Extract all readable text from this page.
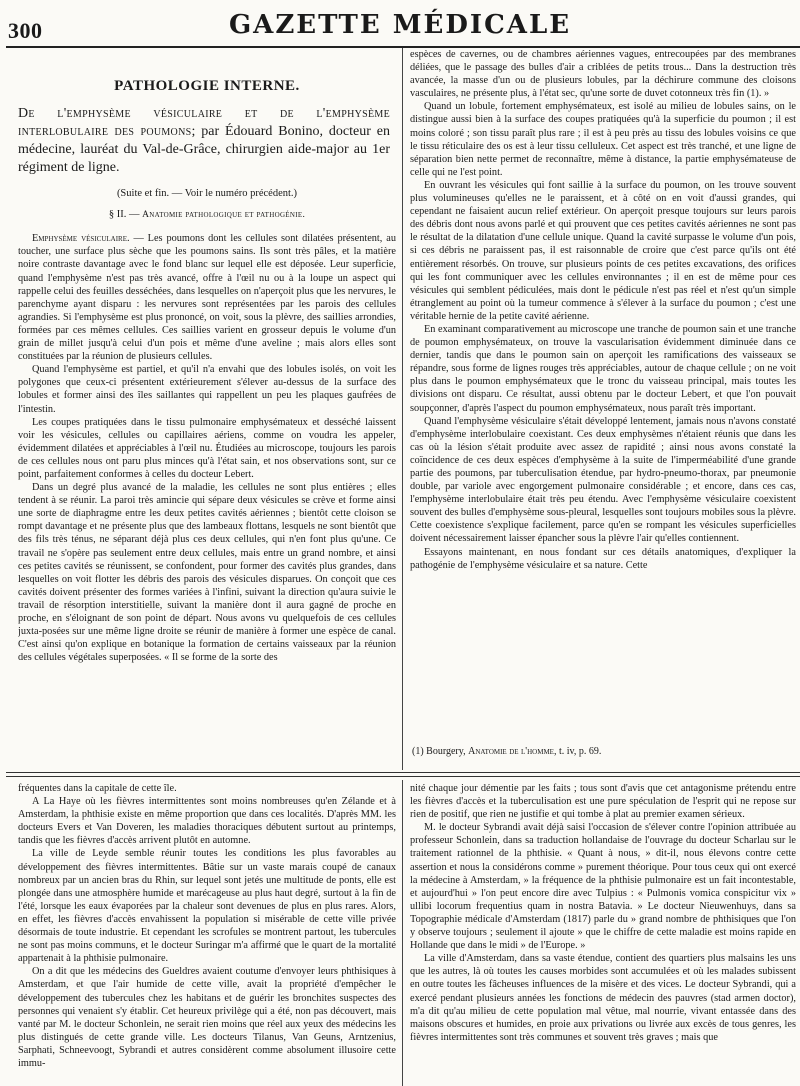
300	GAZETTE MÉDICALE
PATHOLOGIE INTERNE.
De l'emphysème vésiculaire et de l'emphysème interlobulaire des poumons; par Édouard Bonino, docteur en médecine, lauréat du Val-de-Grâce, chirurgien aide-major au 1er régiment de ligne.
(Suite et fin. — Voir le numéro précédent.)
§ II. — Anatomie pathologique et pathogénie.

Emphysème vésiculaire. — Les poumons dont les cellules sont dilatées présentent, au toucher, une surface plus sèche que les poumons sains. Ils sont très pâles, et la matière noire contraste davantage avec le fond blanc sur lequel elle est déposée. Leur superficie, quand l'emphysème n'est pas très avancé, offre à l'œil nu ou à la loupe un aspect qui rappelle celui des feuilles desséchées, dans lesquelles on n'aperçoit plus que les nervures, le parenchyme ayant disparu : les nervures sont représentées par les parois des cellules agrandies. Si l'emphysème est plus prononcé, on voit, sous la plèvre, des saillies arrondies, formées par ces mêmes cellules. Ces saillies varient en grosseur depuis le volume d'un grain de millet jusqu'à celui d'un pois et même d'une aveline ; mais alors elles sont constituées par la réunion de plusieurs cellules.

Quand l'emphysème est partiel, et qu'il n'a envahi que des lobules isolés, on voit les polygones que ceux-ci présentent extérieurement s'élever au-dessus de la surface des lobules et former ainsi des îles saillantes qui rappellent un peu les plaques gaufrées de l'intestin.

Les coupes pratiquées dans le tissu pulmonaire emphysémateux et desséché laissent voir les vésicules, cellules ou capillaires aériens, comme on voudra les appeler, évidemment dilatées et appréciables à l'œil nu. Étudiées au microscope, toujours les parois de ces cellules nous ont paru plus minces qu'à l'état sain, et nos observations sont, sur ce point, parfaitement conformes à celles du docteur Lebert.

Dans un degré plus avancé de la maladie, les cellules ne sont plus entières ; elles tendent à se réunir. La paroi très amincie qui sépare deux vésicules se crève et forme ainsi une sorte de diaphragme entre les deux petites cavités aériennes ; bientôt cette cloison se rompt davantage et ne présente plus que des lambeaux flottans, lesquels ne sont bientôt que des fils très ténus, ne séparant déjà plus ces deux cellules, qui n'en font plus qu'une. Ce travail ne s'opère pas seulement entre deux cellules, mais entre un grand nombre, et ainsi ces petites cavités se réunissent, se confondent, pour former des cavités plus grandes, dans lesquelles on voit flotter les débris des parois des vésicules disparues. On conçoit que ces cavités doivent présenter des formes variées à l'infini, suivant la direction qu'aura suivie le travail de résorption interstitielle, suivant la manière dont il aura gagné de proche en proche, en s'éloignant de son point de départ. Nous avons vu quelquefois de ces cellules juxta-posées sur une même ligne droite se réunir de manière à former une espèce de canal. C'est ainsi qu'on explique en botanique la formation de certains vaisseaux par la réunion des cellules végétales superposées. « Il se forme de la sorte des

espèces de cavernes, ou de chambres aériennes vagues, entrecoupées par des membranes déliées, que le passage des bulles d'air a criblées de petits trous... Dans la destruction très avancée, la masse d'un ou de plusieurs lobules, par la déchirure commune des cloisons vasculaires, ne présente plus, à l'état sec, qu'une sorte de duvet cotonneux très fin (1). »

Quand un lobule, fortement emphysémateux, est isolé au milieu de lobules sains, on le distingue aussi bien à la surface des coupes pratiquées qu'à la superficie du poumon ; il est moins coloré ; son tissu paraît plus rare ; il est à peu près au tissu des lobules voisins ce que le tissu réticulaire des os est à leur tissu celluleux. Cet aspect est très tranché, et une ligne de séparation bien nette permet de reconnaître, même à distance, la partie emphysémateuse de celle qui ne l'est point.

En ouvrant les vésicules qui font saillie à la surface du poumon, on les trouve souvent plus volumineuses qu'elles ne le paraissent, et à côté on en voit d'aussi grandes, qui cependant ne faisaient aucun relief extérieur. On aperçoit presque toujours sur leurs parois des débris dont nous avons parlé et qui prouvent que ces petites cavités aériennes ne sont pas le résultat de la dilatation d'une cellule unique. Quand la cavité surpasse le volume d'un pois, si ces débris ne paraissent pas, il est raisonnable de croire que c'est parce qu'ils ont été entièrement résorbés. On trouve, sur plusieurs points de ces petites excavations, des orifices qui les font communiquer avec les cellules environnantes ; il en est de même pour ces vésicules qui semblent pédiculées, mais dont le pédicule n'est pas réel et n'est qu'un simple étranglement au point où la tumeur commence à s'élever à la surface du poumon ; c'est une véritable hernie de la petite cavité aérienne.

En examinant comparativement au microscope une tranche de poumon sain et une tranche de poumon emphysémateux, on trouve la vascularisation évidemment diminuée dans ce dernier, tandis que dans le poumon sain on aperçoit les ramifications des vaisseaux se répandre, sous forme de lignes rouges très appréciables, autour de chaque cellule ; on ne voit plus dans le poumon emphysémateux que le tronc du vaisseau principal, mais toutes les divisions ont disparu. Ce résultat, aussi obtenu par le docteur Lebert, et que l'on pouvait soupçonner, d'après l'aspect du poumon emphysémateux, nous paraît très important.

Quand l'emphysème vésiculaire s'était développé lentement, jamais nous n'avons constaté d'emphysème interlobulaire coexistant. Ces deux emphysèmes n'étaient réunis que dans les cas où la lésion s'était produite avec assez de rapidité ; ainsi nous avons constaté la coïncidence de ces deux espèces d'emphysème à la suite de l'imperméabilité d'une grande partie des poumons, par tuberculisation étendue, par hydro-pneumo-thorax, par pneumonie double, par variole avec engorgement pulmonaire considérable ; et encore, dans ces cas, l'emphysème interlobulaire était très peu étendu. Avec l'emphysème vésiculaire coexistent souvent des bulles d'emphysème sous-pleural, lesquelles sont toujours mobiles sous la plèvre. Cette coexistence s'explique facilement, parce qu'en se rompant les vésicules superficielles doivent nécessairement laisser épancher sous la plèvre l'air qu'elles contiennent.

Essayons maintenant, en nous fondant sur ces détails anatomiques, d'expliquer la pathogénie de l'emphysème vésiculaire et sa nature. Cette

(1) Bourgery, Anatomie de l'homme, t. iv, p. 69.

fréquentes dans la capitale de cette île.

A La Haye où les fièvres intermittentes sont moins nombreuses qu'en Zélande et à Amsterdam, la phthisie existe en même proportion que dans ces localités. D'après MM. les docteurs Evers et Van Doveren, les maladies thoraciques débutent surtout au printemps, tandis que les fièvres d'accès arrivent plutôt en automne.

La ville de Leyde semble réunir toutes les conditions les plus favorables au développement des fièvres intermittentes. Bâtie sur un vaste marais coupé de canaux nombreux par un ancien bras du Rhin, sur lequel sont jetés une multitude de ponts, elle est plongée dans une atmosphère humide et marécageuse au plus haut degré, surtout à la fin de l'été, lorsque les eaux évaporées par la chaleur sont devenues de plus en plus rares. Alors, en effet, les fièvres d'accès envahissent la population si misérable de cette ville privée désormais de toute industrie. Et cependant les scrofules se montrent partout, les tubercules ne sont pas moins communs, et le docteur Suringar m'a affirmé que le quart de la mortalité appartenait à la phthisie pulmonaire.

On a dit que les médecins des Gueldres avaient coutume d'envoyer leurs phthisiques à Amsterdam, et que l'air humide de cette ville, avait la propriété d'empêcher le développement des tubercules chez les habitans et de guérir les bronchites suspectes des personnes qui venaient s'y établir. Cet heureux privilège qui a été, non pas découvert, mais vanté par M. le docteur Schonlein, ne serait rien moins que réel aux yeux des médecins les plus distingués de cette grande ville. Les docteurs Tilanus, Van Geuns, Arntzenius, Sarphati, Schneevoogt, Sybrandi et autres considèrent comme absolument illusoire cette immu-

nité chaque jour démentie par les faits ; tous sont d'avis que cet antagonisme prétendu entre les fièvres d'accès et la tuberculisation est une pure spéculation de l'esprit qui ne repose sur rien de positif, que rien ne justifie et qui tombe à plat au premier examen sérieux.

M. le docteur Sybrandi avait déjà saisi l'occasion de s'élever contre l'opinion attribuée au professeur Schonlein, dans sa traduction hollandaise de l'ouvrage du docteur Scharlau sur le traitement rationnel de la phthisie. « Quant à nous, » dit-il, nous élevons contre cette assertion et nous la considérons comme » purement théorique. Pour tous ceux qui ont exercé la médecine à Amsterdam, » la fréquence de la phthisie pulmonaire est un fait incontestable, et aujourd'hui » l'on peut encore dire avec Tulpius : « Pulmonis vomica conspicitur vix » ullibi locorum frequentius quam in nostra Batavia. » Le docteur Nieuwenhuys, dans sa Topographie médicale d'Amsterdam (1817) parle du » grand nombre de phthisiques que l'on y observe toujours ; seulement il ajoute » que le chiffre de cette maladie est moins rapide en Hollande que dans le midi » de l'Europe. »

La ville d'Amsterdam, dans sa vaste étendue, contient des quartiers plus malsains les uns que les autres, là où toutes les causes morbides sont accumulées et où les malades subissent en outre toutes les fâcheuses influences de la misère et des vices. Le docteur Sybrandi, qui a exercé pendant plusieurs années les fonctions de médecin des pauvres (stad armen doctor), m'a dit qu'au milieu de cette population mal vêtue, mal nourrie, vivant entassée dans des maisons obscures et humides, en proie aux privations ou livrée aux excès de tous genres, les fièvres intermittentes sont très communes et souvent très graves ; mais que
